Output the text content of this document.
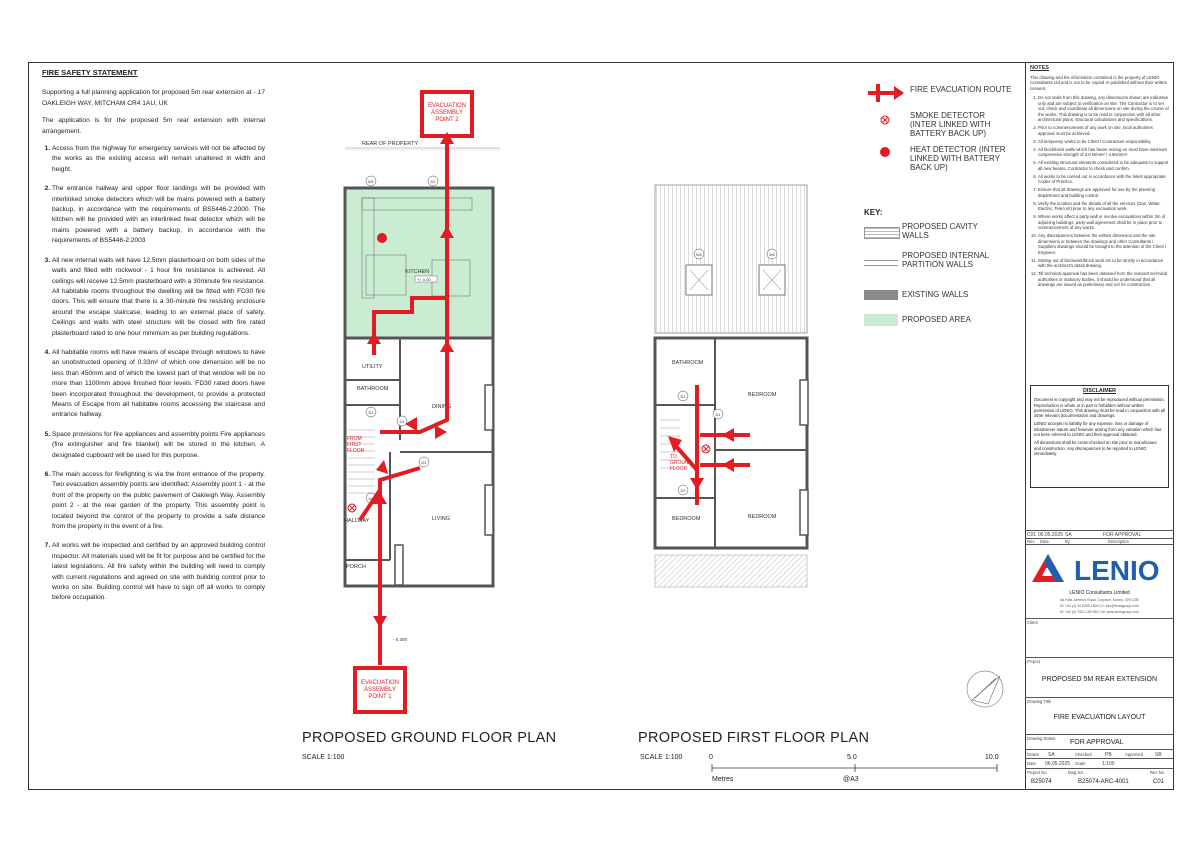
FIRE SAFETY STATEMENT

Supporting a full planning application for proposed 5m rear extension at - 17 OAKLEIGH WAY, MITCHAM CR4 1AU, UK

The application is for the proposed 5m rear extension with internal arrangement.

1. Access from the highway for emergency services will not be affected by the works as the existing access will remain unaltered in width and height.
2. The entrance hallway and upper floor landings will be provided with interlinked smoke detectors which will be mains powered with a battery backup, in accordance with the requirements of BS5446-2:2000. The kitchen will be provided with an interlinked heat detector which will be mains powered with a battery backup, in accordance with the requirements of BS5446-2:2003
3. All new internal walls will have 12.5mm plasterboard on both sides of the walls and filled with rockwool - 1 hour fire resistance is achieved. All ceilings will receive 12.5mm plasterboard with a 30minute fire resistance. All habitable rooms throughout the dwelling will be fitted with FD30 fire doors. This will ensure that there is a 30-minute fire resisting enclosure around the escape staircase, leading to an external place of safety. Ceilings and walls with steel structure will be closed with fire rated plasterboard rated to one hour minimum as per building regulations.
4. All habitable rooms will have means of escape through windows to have an unobstructed opening of 0.33m² of which one dimension will be no less than 450mm and of which the lowest part of that window will be no more than 1100mm above finished floor levels. FD30 rated doors have been incorporated throughout the development, to provide a protected Means of Escape from all habitable rooms accessing the staircase and entrance hallway.
5. Space provisions for fire appliances and assembly points Fire appliances (fire extinguisher and fire blanket) will be stored in the kitchen. A designated cupboard will be used for this purpose.
6. The main access for firefighting is via the front entrance of the property. Two evacuation assembly points are identified; Assembly point 1 - at the front of the property on the public pavement of Oakleigh Way. Assembly point 2 - at the rear garden of the property. This assembly point is located beyond the control of the property to provide a safe distance from the property in the event of a fire.
7. All works will be inspected and certified by an approved building control inspector. All materials used will be fit for purpose and be certified for the latest legislations. All fire safety within the building will need to comply with current regulations and agreed on site with building control prior to works on site. Building control will have to sign off all works to comply before occupation.
EVACUATION ASSEMBLY POINT 2
REAR OF PROPERTY
KITCHEN
+/- 0.00
UTILITY
BATHROOM
DINING
LIVING
HALLWAY
PORCH
FROM FIRST FLOOR
W1	D2
D1
D1
D1
D1
- 0.300
EVACUATION ASSEMBLY POINT 1
W2	W2
BATHROOM
BEDROOM
BEDROOM
BEDROOM
TO GROUND FLOOR
D1
D1
D1
PROPOSED GROUND FLOOR PLAN
SCALE 1:100
PROPOSED FIRST FLOOR PLAN
SCALE 1:100	0	5.0	10.0
Metres	@A3
FIRE EVACUATION ROUTE
SMOKE DETECTOR (INTER LINKED WITH BATTERY BACK UP)
HEAT DETECTOR (INTER LINKED WITH BATTERY BACK UP)
KEY:
PROPOSED CAVITY WALLS
PROPOSED INTERNAL PARTITION WALLS
EXISTING WALLS
PROPOSED AREA
NOTES
This drawing and the information contained is the property of LENIO Consultants Ltd and is not to be copied or published without their written consent.
1. Do not scale from this drawing, any dimensions shown are indicative only and are subject to verification on site. The Contractor is to set out, check and coordinate all dimensions on site during the course of the works. This drawing is to be read in conjunction with all other architectural plans, structural calculations and specifications.
2. Prior to commencement of any work on site, local authorities approval must be achieved.
3. All temporary works to be Client / Contractors responsibility.
4. All block/brick walls which has beam resting on must have minimum compressive strength of 3.6 N/mm² / 4.6N/mm².
5. All existing structural elements considered to be adequate to support all new beams. Contractor to check and confirm.
6. All works to be carried out in accordance with the latest appropriate Codes of Practice.
7. Ensure that all drawings are approved for use by the planning department and building control.
8. Verify the location and the details of all the services (Gas, Water, Electric, Telecom) prior to any excavation work.
9. Where works affect a party wall or involve excavations within 3m of adjoining buildings, party wall agreement shall be in place prior to commencement of any works.
10. Any discrepancies between the written dimension and the site dimensions or between the drawings and other Consultants / Suppliers drawings should be brought to the attention of the Client / Engineer.
11. Setting out of brickwork/block work etc to be strictly in accordance with the architect's detail drawing.
12. Till technical approval has been obtained from the relevant technical authorities or statutory bodies, it should be understood that all drawings are issued as preliminary and not for construction.
DISCLAIMER

Document is copyright and may not be reproduced without permission. Reproduction in whole or in part is forbidden without written permission of LENIO. This drawing must be read in conjunction with all other relevant documentation and drawings.

LENIO accepts no liability for any expense, loss or damage of whatsoever nature and however arising from any variation which has not been referred to LENIO and their approval obtained.

All dimensions shall be cross-checked on site prior to manufacture and construction. Any discrepancies to be reported to LENIO immediately.

C01 06.05.2025 SA	FOR APPROVAL
Rev Date	By	Description
LENIO
LENIO Consultants Limited
6a Falls James's Road, Croydon, Surrey, CR0 2JB
M: +44 (0) 20 8265 1800 | E: info@leniogroup.com
M: +44 (0) 7521 150 962 | W: www.leniogroup.com
Client
Project
PROPOSED 5M REAR EXTENSION
Drawing Title
FIRE EVACUATION LAYOUT
Drawing Status
FOR APPROVAL
Drawn SA	Checked	PB	Approved SB
Date 06.05.2025 Scale	1:100
Project No	Dwg No	Rev No
B25074	B25074-ARC-4001	C01
